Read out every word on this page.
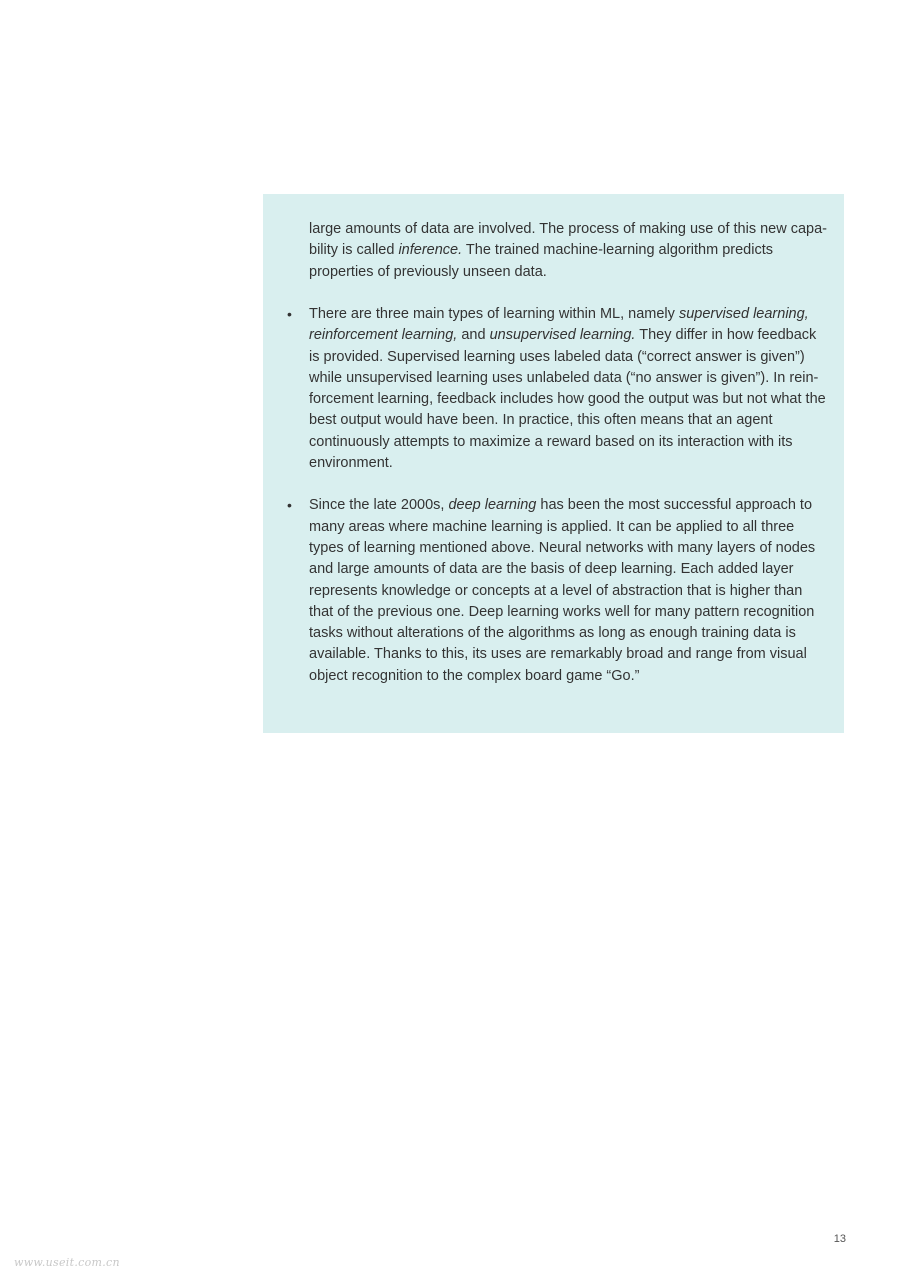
large amounts of data are involved. The process of making use of this new capa-bility is called inference. The trained machine-learning algorithm predicts properties of previously unseen data.

• There are three main types of learning within ML, namely supervised learning, reinforcement learning, and unsupervised learning. They differ in how feedback is provided. Supervised learning uses labeled data (“correct answer is given”) while unsupervised learning uses unlabeled data (“no answer is given”). In rein-forcement learning, feedback includes how good the output was but not what the best output would have been. In practice, this often means that an agent continuously attempts to maximize a reward based on its interaction with its environment.
• Since the late 2000s, deep learning has been the most successful approach to many areas where machine learning is applied. It can be applied to all three types of learning mentioned above. Neural networks with many layers of nodes and large amounts of data are the basis of deep learning. Each added layer represents knowledge or concepts at a level of abstraction that is higher than that of the previous one. Deep learning works well for many pattern recognition tasks without alterations of the algorithms as long as enough training data is available. Thanks to this, its uses are remarkably broad and range from visual object recognition to the complex board game “Go.”
13
www.useit.com.cn
